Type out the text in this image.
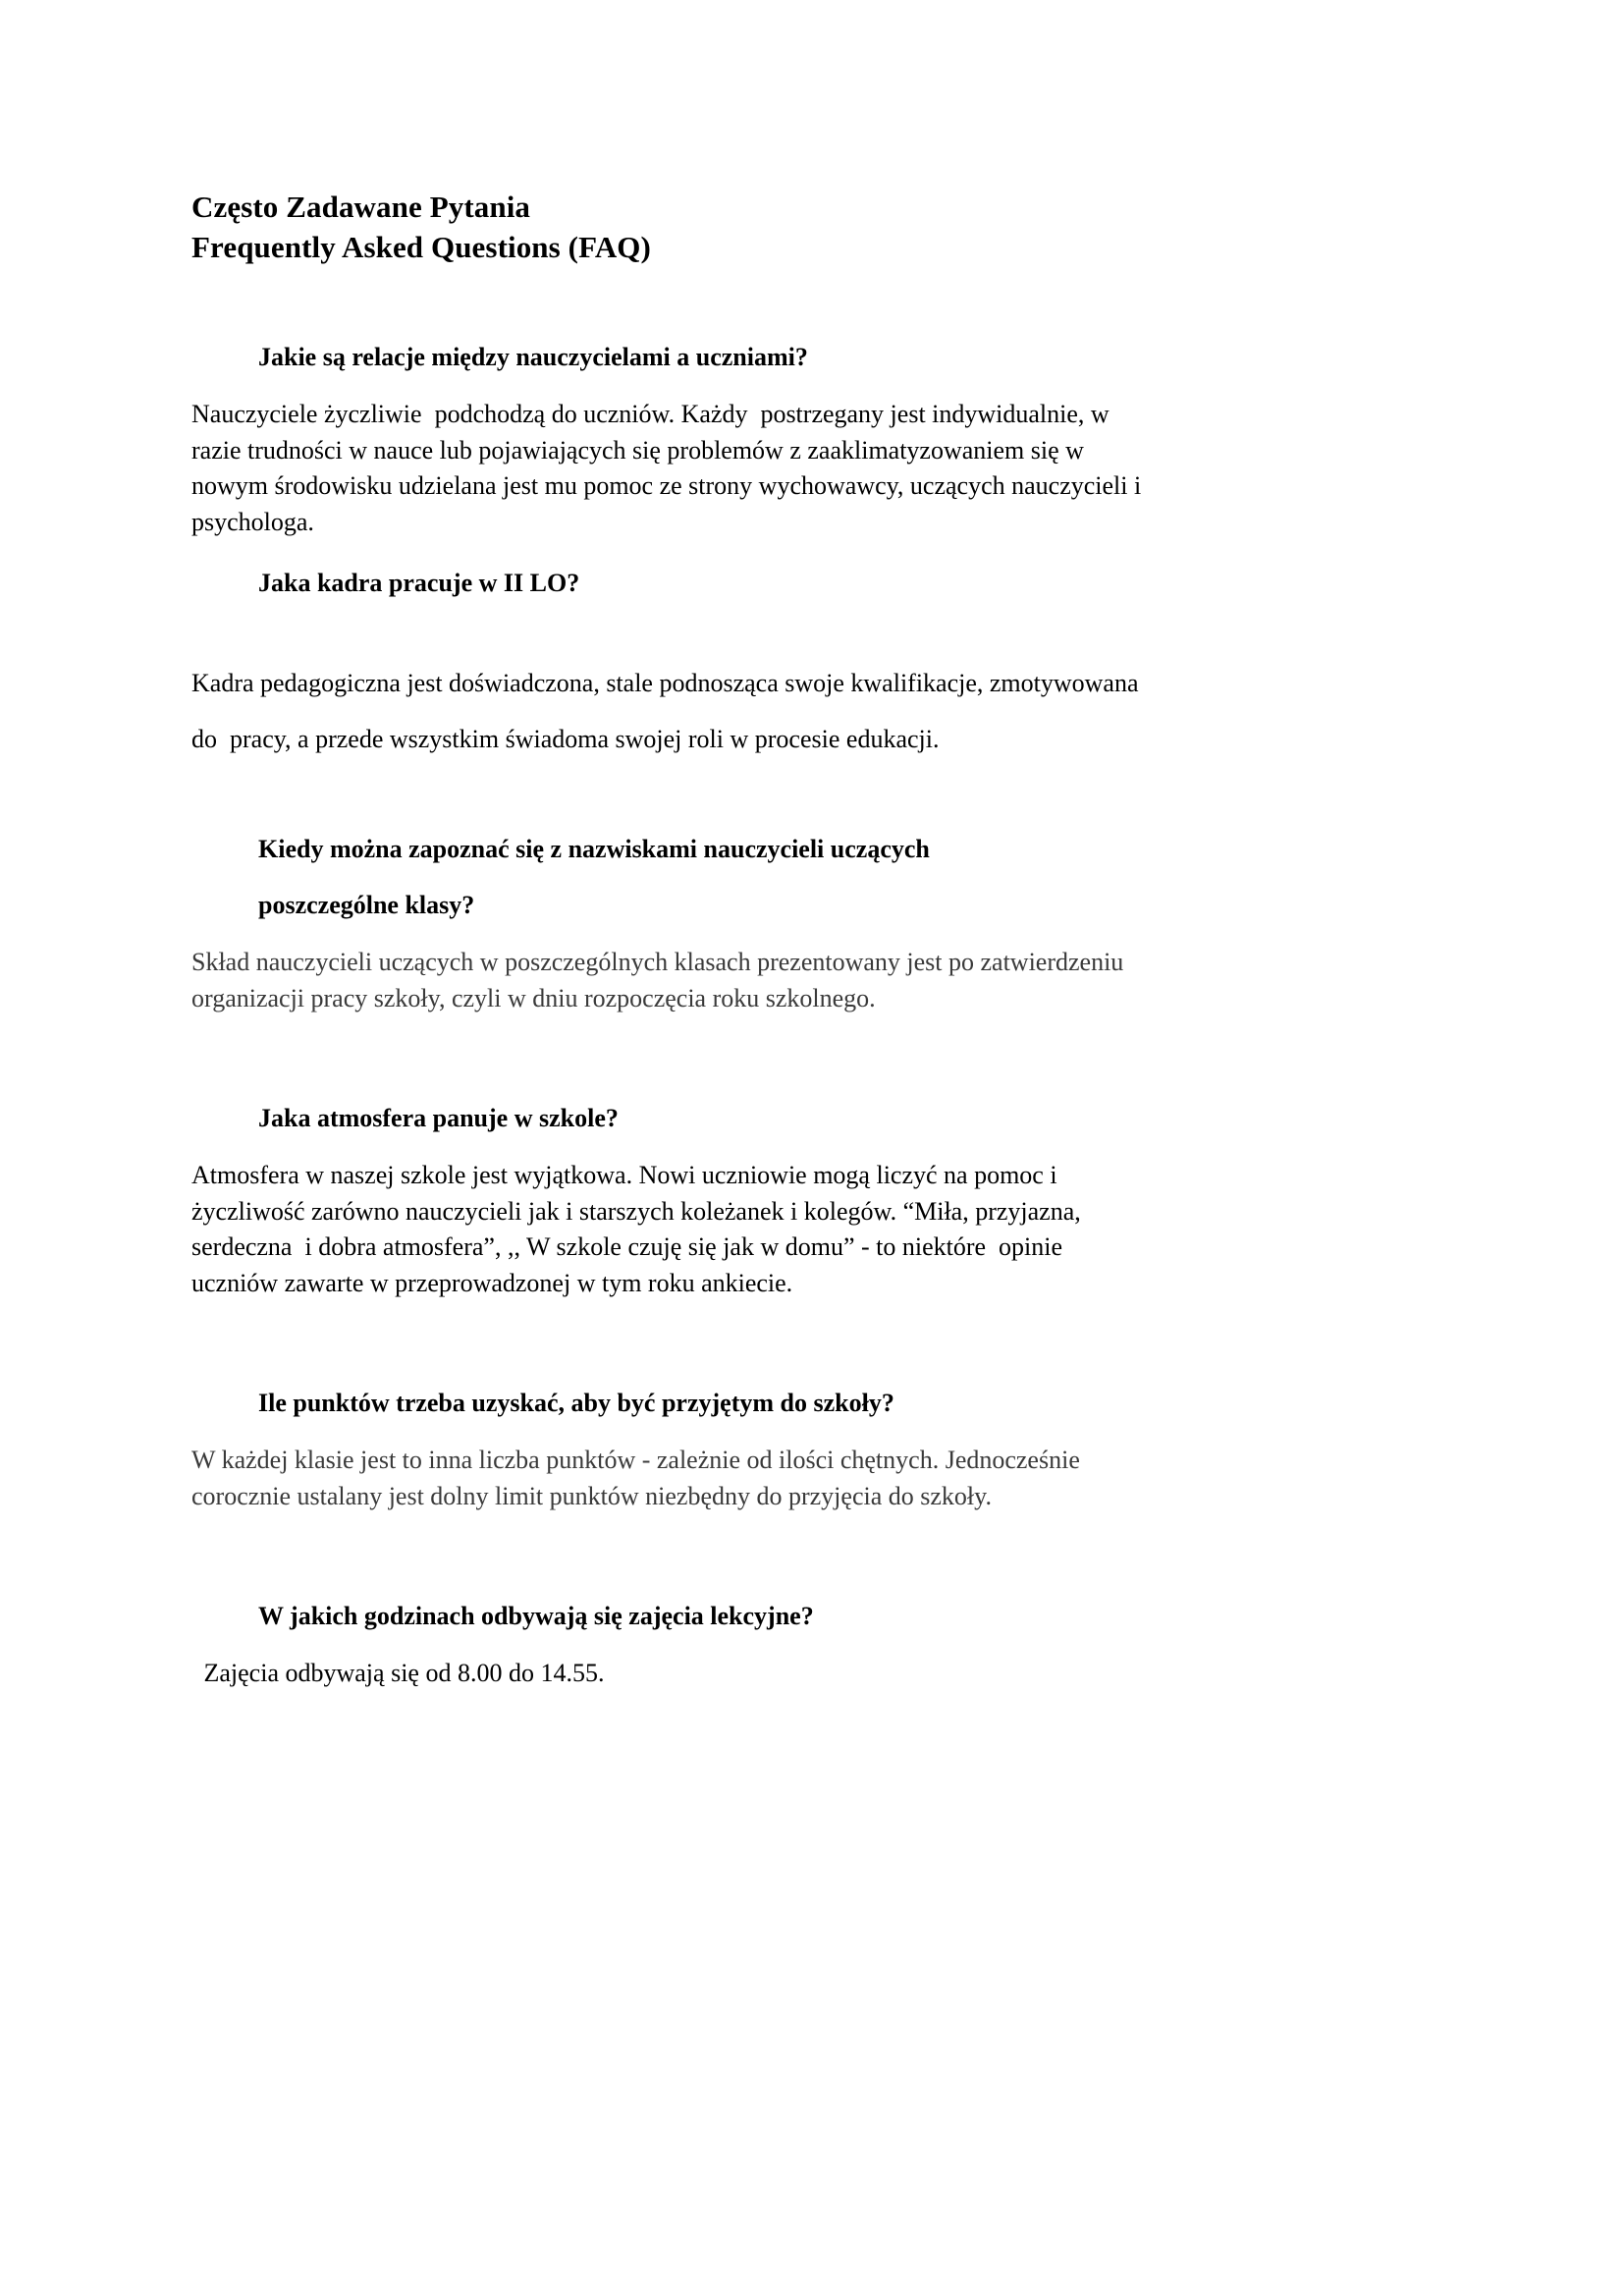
Często Zadawane Pytania
Frequently Asked Questions (FAQ)
Jakie są relacje między nauczycielami a uczniami?
Nauczyciele życzliwie  podchodzą do uczniów. Każdy  postrzegany jest indywidualnie, w
razie trudności w nauce lub pojawiających się problemów z zaaklimatyzowaniem się w
nowym środowisku udzielana jest mu pomoc ze strony wychowawcy, uczących nauczycieli i
psychologa.
Jaka kadra pracuje w II LO?
Kadra pedagogiczna jest doświadczona, stale podnosząca swoje kwalifikacje, zmotywowana
do  pracy, a przede wszystkim świadoma swojej roli w procesie edukacji.
Kiedy można zapoznać się z nazwiskami nauczycieli uczących
poszczególne klasy?
Skład nauczycieli uczących w poszczególnych klasach prezentowany jest po zatwierdzeniu
organizacji pracy szkoły, czyli w dniu rozpoczęcia roku szkolnego.
Jaka atmosfera panuje w szkole?
Atmosfera w naszej szkole jest wyjątkowa. Nowi uczniowie mogą liczyć na pomoc i
życzliwość zarówno nauczycieli jak i starszych koleżanek i kolegów. “Miła, przyjazna,
serdeczna  i dobra atmosfera”, ,, W szkole czuję się jak w domu” - to niektóre  opinie
uczniów zawarte w przeprowadzonej w tym roku ankiecie.
Ile punktów trzeba uzyskać, aby być przyjętym do szkoły?
W każdej klasie jest to inna liczba punktów - zależnie od ilości chętnych. Jednocześnie
corocznie ustalany jest dolny limit punktów niezbędny do przyjęcia do szkoły.
W jakich godzinach odbywają się zajęcia lekcyjne?
Zajęcia odbywają się od 8.00 do 14.55.
